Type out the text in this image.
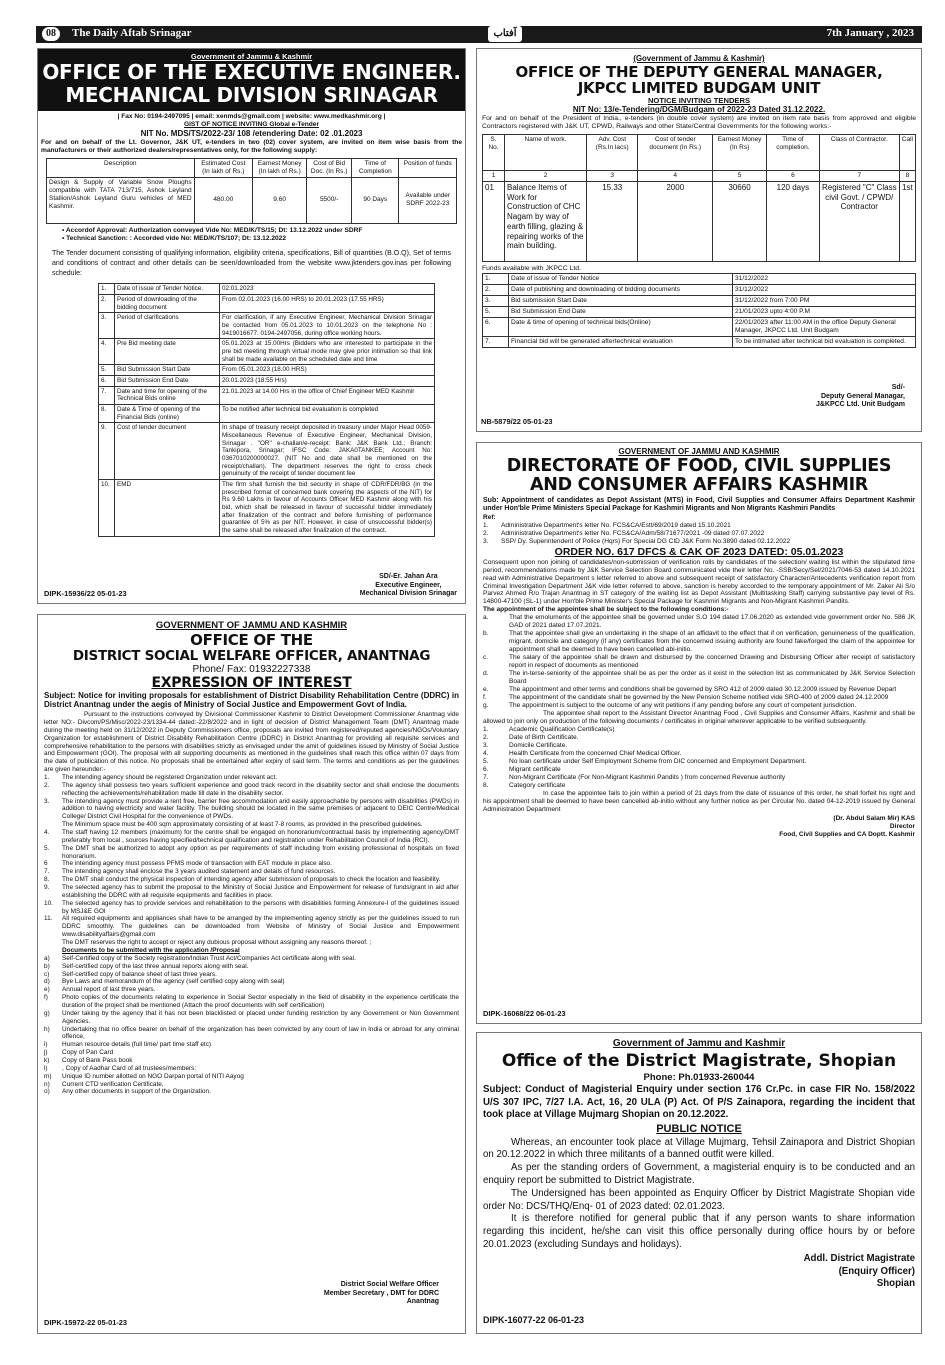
08	The Daily Aftab Srinagar	آفتاب	7th January , 2023
Government of Jammu & Kashmir
OFFICE OF THE EXECUTIVE ENGINEER.
MECHANICAL DIVISION SRINAGAR
| Fax No: 0194-2497095 | email: xenmds@gmail.com | website: www.medkashmir.org |
GIST OF NOTICE INVITING Global e-Tender
NIT No. MDS/TS/2022-23/ 108 /etendering Date: 02 .01.2023
For and on behalf of the Lt. Governor, J&K UT, e-tenders in two (02) cover system, are invited on item wise basis from the manufacturers or their authorized dealers/representatives only, for the following supply:
Description	Estimated Cost (In lakh of Rs.)	Earnest Money (In lakh of Rs.)	Cost of Bid Doc. (In Rs.)	Time of Completion	Position of funds
Design & Supply of Variable Snow Ploughs compatible with TATA 713/715, Ashok Leyland Stallion/Ashok Leyland Guru vehicles of MED Kashmir.	480.00	9.60	5500/-	90 Days	Available under SDRF 2022-23
• Accordof Approval: Authorization conveyed Vide No: MED/K/TS/15; Dt: 13.12.2022 under SDRF
• Technical Sanction: : Accorded vide No: MED/K/TS/107; Dt: 13.12.2022
The Tender document consisting of qualifying information, eligibility criteria, specifications, Bill of quantities (B.O.Q), Set of terms and conditions of contract and other details can be seen/downloaded from the website www.jktenders.gov.inas per following schedule:
1.	Date of issue of Tender Notice.	02.01.2023
2.	Period of downloading of the bidding document	From 02.01.2023 (16.00 HRS) to 20.01.2023 (17.55 HRS)
3.	Period of clarifications	For clarification, if any Executive Engineer, Mechanical Division Srinagar be contacted from 05.01.2023 to 10.01.2023 on the telephone No : 9419016677. 0194-2497056, during office working hours.
4.	Pre Bid meeting date	05.01.2023 at 15.00Hrs (Bidders who are interested to participate in the pre bid meeting through virtual mode may give prior intimation so that link shall be made available on the scheduled date and time
5.	Bid Submission Start Date	From 05.01.2023 (18.00 HRS)
6.	Bid Submission End Date	20.01.2023 (18:55 Hrs)
7.	Date and time for opening of the Technical Bids online	21.01.2023 at 14.00 Hrs in the office of Chief Engineer MED Kashmir
8.	Date & Time of opening of the Financial Bids (online)	To be notified after technical bid evaluation is completed
9.	Cost of tender document	In shape of treasury receipt deposited in treasury under Major Head 0059-Miscellaneous Revenue of Executive Engineer, Mechanical Division, Srinagar . "OR" e-challan/e-receipt: Bank: J&K Bank Ltd.; Branch: Tankipora, Srinagar; IFSC Code: JAKA0TANKEE; Account No: 0367010200000027. (NIT No and date shall be mentioned on the receipt/challan). The department reserves the right to cross check genuinuity of the receipt of tender document fee
10.	EMD	The firm shall furnish the bid security in shape of CDR/FDR/BG (in the prescribed format of concerned bank covering the aspects of the NIT) for Rs 9.60 Lakhs in favour of Accounts Officer MED Kashmir along with his bid, which shall be released in favour of successful bidder immediately after finalization of the contract and before furnishing of performance guarantee of 5% as per NIT. However, in case of unsuccessful bidder(s) the same shall be released after finalization of the contract.
SD/-Er. Jahan Ara
Executive Engineer,
Mechanical Division Srinagar
DIPK-15936/22 05-01-23
(Government of Jammu & Kashmir)
OFFICE OF THE DEPUTY GENERAL MANAGER,
JKPCC LIMITED BUDGAM UNIT
NOTICE INVITING TENDERS
NIT No: 13/e-Tendering/DGM/Budgam of 2022-23 Dated 31.12.2022.
For and on behalf of the President of India., e-tenders (in double cover system) are invited on item rate basis from approved and eligible Contractors registered with J&K UT, CPWD, Railways and other State/Central Governments for the following works:-
S. No.	Name of work.	Adv. Cost (Rs.In lacs)	Cost of tender document (In Rs.)	Earnest Money (In Rs)	Time of completion.	Class of Contractor.	Call
1	2	3	4	5	6	7	8
01	Balance Items of Work for Construction of CHC Nagam by way of earth filling, glazing & repairing works of the main building.	15.33	2000	30660	120 days	Registered "C" Class civil Govt. / CPWD/ Contractor	1st
Funds available with JKPCC Ltd.
1.	Date of issue of Tender Notice	31/12/2022
2.	Date of publishing and downloading of bidding documents	31/12/2022
3.	Bid submission Start Date	31/12/2022 from 7:00 PM
5.	Bid Submission End Date	21/01/2023 upto 4:00 P.M
6.	Date & time of opening of technical bids(Online)	22/01/2023 after 11:00 AM in the office Deputy General Manager, JKPCC Ltd. Unit Budgam
7.	Financial bid will be generated aftertechnical evaluation	To be intimated after technical bid evaluation is completed.
Sd/-
Deputy General Managar,
J&KPCC Ltd. Unit Budgam
NB-5879/22 05-01-23
GOVERNMENT OF JAMMU AND KASHMIR
DIRECTORATE OF FOOD, CIVIL SUPPLIES
AND CONSUMER AFFAIRS KASHMIR
Sub: Appointment of candidates as Depot Assistant (MTS) in Food, Civil Supplies and Consumer Affairs Department Kashmir under Hon'ble Prime Ministers Special Package for Kashmiri Migrants and Non Migrants Kashmiri Pandits
Ref:
1.	Administrative Department's letter No. FCS&CA/Estt/69/2019 dated 15.10.2021
2.	Administrative Department's letter No. FCS&CA/Adm/58/71677/2021 -09 dated 07.07.2022
3.	SSP/ Dy. Superintendent of Police (Hqrs) For Special DG CID J&K Form No.3890 dated 02.12.2022
ORDER NO. 617 DFCS & CAK OF 2023 DATED: 05.01.2023
Consequent upon non joining of candidates/non-submission of verification rolls by candidates of the selection/ waiting list within the stipulated time period, recommendations made by J&K Service Selection Board communicated vide their letter No. -SSB/Secy/Sel/2021/7046-53 dated 14.10.2021 read with Administrative Department s letter referred to above and subsequent receipt of satisfactory Character/Antecedents verification report from Criminal Investigation Department J&K vide letter referred to above, sanction is hereby accorded to the temporary appointment of Mr. Zaker Ali S/o Parvez Ahmed R/o Trajan Anantnag in ST category of the waiting list as Depot Assistant (Multitasking Staff) carrying substantive pay level of Rs. 14800-47100 (SL-1) under Hon'ble Prime Minister's Special Package for Kashmiri Migrants and Non-Migrant Kashmiri Pandits.
The appointment of the appointee shall be subject to the following conditions:-
a.	That the emoluments of the appointee shall be governed under S.O 194 dated 17.06.2020 as extended vide government order No. 586 JK GAD of 2021 dated 17.07.2021.
b.	That the appointee shall give an undertaking in the shape of an affidavit to the effect that if on verification, genuineness of the qualification, migrant, domicile and category (if any) certificates from the concerned issuing authority are found fake/forged the claim of the appointee for appointment shall be deemed to have been cancelled abi-initio.
c.	The salary of the appointee shall be drawn and disbursed by the concerned Drawing and Disbursing Officer after receipt of satisfactory report in respect of documents as mentioned
d.	The in-terse-seniority of the appointee shall be as per the order as it exist in the selection list as communicated by J&K Service Selection Board
e.	The appointment and other terms and conditions shall be governed by SRO 412 of 2009 dated 30.12.2009 issued by Revenue Depart
f.	The appointment of the candidate shall be governed by the New Pension Scheme notified vide SRO-400 of 2009 dated 24.12.2009
g.	The appointment is subject to the outcome of any writ petitions if any pending before any court of competent jurisdiction.
The appointee shall report to the Assistant Director Anantnag Food , Civil Supplies and Consumer Affairs, Kashmir and shall be allowed to join only on production of the following documents / certificates in original wherever applicable to be verified subsequently.
1.	Academic Qualification Certificate(s)
2.	Date of Birth Certificate.
3.	Domicile Certificate.
4.	Health Certificate from the concerned Chief Medical Officer.
5.	No loan certificate under Self Employment Scheme from DIC concerned and Employment Department.
6.	Migrant certificate
7.	Non-Migrant Certificate (For Non-Migrant Kashmiri Pandits ) from concerned Revenue authority
8.	Category certificate
In case the appointee fails to join within a period of 21 days from the date of issuance of this order, he shall forfeit his right and his appointment shall be deemed to have been cancelled ab-initio without any further notice as per Circular No. dated 04-12-2019 issued by General Administration Department
(Dr. Abdul Salam Mir) KAS
Director
Food, Civil Supplies and CA Doptt. Kashmir
DIPK-16068/22 06-01-23
GOVERNMENT OF JAMMU AND KASHMIR
OFFICE OF THE
DISTRICT SOCIAL WELFARE OFFICER, ANANTNAG
Phone/ Fax: 01932227338
EXPRESSION OF INTEREST
Subject: Notice for inviting proposals for establishment of District Disability Rehabilitation Centre (DDRC) in District Anantnag under the aegis of Ministry of Social Justice and Empowerment Govt of India.
Pursuant to the instructions conveyed by Divisional Commissioner Kashmir to District Development Commissioner Anantnag vide letter NO:- Divcom/PS/Misc/2022-23/1334-44 dated:-22/8/2022 and in light of decision of District Management Team (DMT) Anantnag made during the meeting held on 31/12/2022 in Deputy Commissioners office, proposals are invited from registered/reputed agencies/NGOs/Voluntary Organization for establishment of District Disability Rehabilitation Centre (DDRC) in District Anantnag for providing all requisite services and comprehensive rehabilitation to the persons with disabilities strictly as envisaged under the amit of guidelines issued by Ministry of Social Justice and Empowerment (GOI). The proposal with all supporting documents as mentioned in the guidelines shall reach this office within 07 days from the date of publication of this notice. No proposals shall be entertained after expiry of said term. The terms and conditions as per the guidelines are given hereunder:-
1.	The intending agency should be registered Organization under relevant act.
2.	The agency shall possess two years sufficient experience and good track record in the disability sector and shall enclose the documents reflecting the achievements/rehabilitation made till date in the disability sector.
3.	The intending agency must provide a rent free, barrier free accommodation arid easily approachable by persons with disabilities (PWDs) in addition to having electricity and water facility. The building should be located in the same premises or adjacent to DEIC Centre/Medical College/ District Civil Hospital for the convenience of PWDs.
The Minimum space must be 400 sqm approximately consisting of at least 7-8 rooms, as provided in the prescribed guidelines.
4.	The staff having 12 members (maximum) for the centre shall be engaged on honorarium/contractual basis by implementing agency/DMT preferably from local , sources having specified/technical qualification and registration under Rehabilitation Council of India (RCI).
5.	The DMT shall be authorized to adopt any option as per requirements of staff including from existing professional of hospitals on fixed honorarium.
6	The intending agency must possess PFMS mode of transaction with EAT module in place also.
7.	The intending agency shall enclose the 3 years audited statement and details of fund resources.
8.	The DMT shall conduct the physical inspection of intending agency after submission of proposals to check the location and feasibility.
9.	The selected agency has to submit the proposal to the Ministry of Social Justice and Empowerment for release of funds/grant in aid after establishing the DDRC with all requisite equipments and facilities in place.
10.	The selected agency has to provide services and rehabilitation to the persons with disabilities forming Annexure-I of the guidelines issued by MSJ&E GOI
11.	All required equipments and appliances shall have to be arranged by the implementing agency strictly as per the guidelines issued to run DDRC smoothly. The guidelines can be downloaded from Website of Ministry of Social Justice and Empowerment www.disabilityaffairs@gmail.com
The DMT reserves the right to accept or reject any dubious proposal without assigning any reasons thereof. ;
Documents to be submitted with the application /Proposal
a)	Self-Certified copy of the Society registration/Indian Trust Act/Companies Act certificate along with seal.
b)	Self-certified copy of the last three annual reports along with seal.
c)	Self-certified copy of balance sheet of last three years.
d)	Bye Laws and memorandum of the agency (self certified copy along with seal)
e)	Annual report of last three years.
f)	Photo copies of the documents relating to experience in Social Sector especially in the field of disability in the experience certificate the duration of the project shall be mentioned (Attach the proof documents with self certification)
g)	Under taking by the agency that it has not been blacklisted or placed under funding restriction by any Government or Non Government Agencies.
h)	Undertaking that no office bearer on behalf of the organization has been convicted by any court of law in India or abroad for any criminal offence,
i)	Human resource details (full time/ part time staff etc)
j)	Copy of Pan Card
k)	Copy of Bank Pass book
l)	, Copy of Aadhar Card of all trustees/members:
m)	Unique ID number allotted on NGO Darpan portal of NITI Aayog
n)	Current CTD verification Certificate,
o)	Any other documents in support of the Organization.
District Social Welfare Officer
Member Secretary , DMT for DDRC
Anantnag
DIPK-15972-22 05-01-23
Government of Jammu and Kashmir
Office of the District Magistrate, Shopian
Phone: Ph.01933-260044
Subject: Conduct of Magisterial Enquiry under section 176 Cr.Pc. in case FIR No. 158/2022 U/S 307 IPC, 7/27 I.A. Act, 16, 20 ULA (P) Act. Of P/S Zainapora, regarding the incident that took place at Village Mujmarg Shopian on 20.12.2022.
PUBLIC NOTICE
Whereas, an encounter took place at Village Mujmarg, Tehsil Zainapora and District Shopian on 20.12.2022 in which three militants of a banned outfit were killed.
As per the standing orders of Government, a magisterial enquiry is to be conducted and an enquiry report be submitted to District Magistrate.
The Undersigned has been appointed as Enquiry Officer by District Magistrate Shopian vide order No: DCS/THQ/Enq- 01 of 2023 dated: 02.01.2023.
It is therefore notified for general public that if any person wants to share information regarding this incident, he/she can visit this office personally during office hours by or before 20.01.2023 (excluding Sundays and holidays).
Addl. District Magistrate
(Enquiry Officer)
Shopian
DIPK-16077-22 06-01-23
